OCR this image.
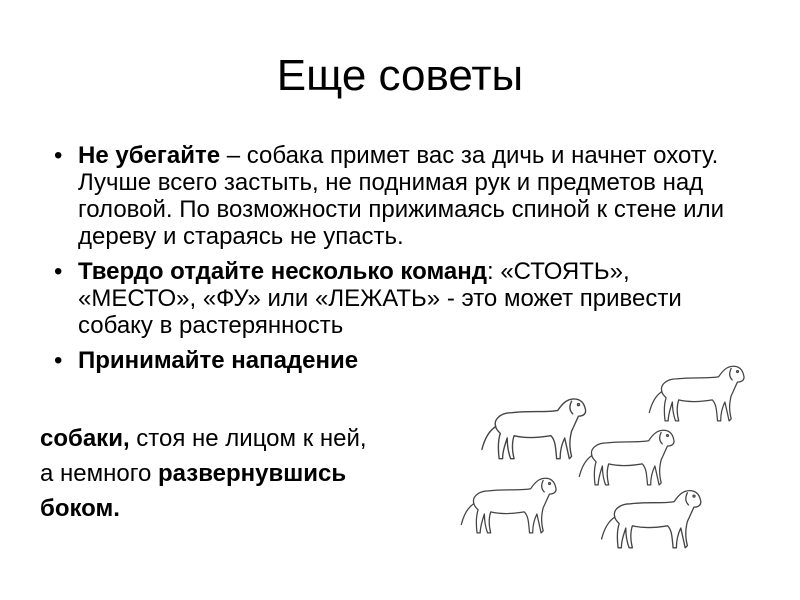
Еще советы
• Не убегайте – собака примет вас за дичь и начнет охоту. Лучше всего застыть, не поднимая рук и предметов над головой. По возможности прижимаясь спиной к стене или дереву и стараясь не упасть.
• Твердо отдайте несколько команд: «СТОЯТЬ», «МЕСТО», «ФУ» или «ЛЕЖАТЬ» - это может привести собаку в растерянность
• Принимайте нападение
собаки, стоя не лицом к ней,
а немного развернувшись
боком.
